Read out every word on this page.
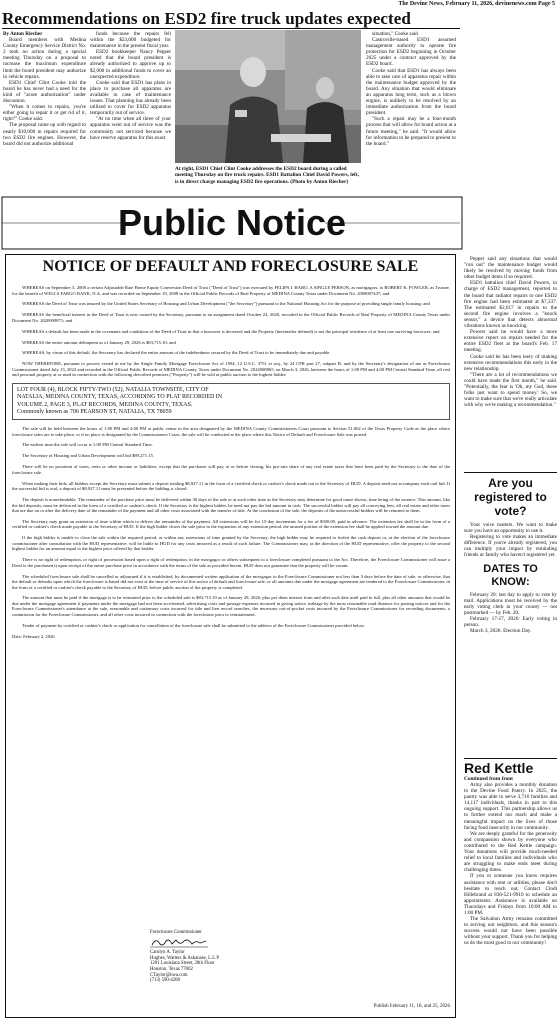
The Devine News, February 11, 2026, devinenews.com Page 5
Recommendations on ESD2 fire truck updates expected

By Anton Riecher

Board members with Medina County Emergency Service District No. 2 took no action during a special meeting Thursday on a proposal to increase the maximum expenditure limit the board president may authorize in vehicle repairs.

ESD1 Chief Clint Cooke told the board he has never had a need for the kind of "acute authorization" under discussion.

"When it comes to repairs, you're either going to repair it or get rid of it, right?" Cooke said.

The proposal came up with regard to nearly $10,000 in repairs required for two ESD2 fire engines. However, the board did not authorize additional

funds because the repairs fell within the $23,000 budgeted for maintenance in the present fiscal year.

ESD2 bookkeeper Nancy Pepper noted that the board president is already authorized to approve up to $2,000 in additional funds to cover an unexpected expenditure.

Cooke said that ESD1 has plans in place to purchase all apparatus are available in case of maintenance issues. That planning has already been utilized to cover for ESD2 apparatus temporarily out of service.

"At no time when all three of your apparatus went out of service was the community not serviced because we have reserve apparatus for this exact

At right, ESD1 Chief Clint Cooke addresses the ESD2 board during a called meeting Thursday on fire truck repairs. ESD1 Battalion Chief David Powers, left, is in direct charge managing ESD2 fire operations. (Photo by Anton Riecher)

situation," Cooke said.

Castroville-based ESD1 assumed management authority to operate fire protection for ESD2 beginning in October 2025 under a contract approved by the ESD2 board.

Cooke said that ESD1 has always been able to take care of apparatus repair within the maintenance budget approved by the board. Any situation that would eliminate an apparatus long term, such as a blown engine, is unlikely to be resolved by an immediate authorization from the board president.

"Such a repair may be a four-month process that will allow for board action at a future meeting," he said. "It would allow for information to be prepared to present to the board."

Public Notice
NOTICE OF DEFAULT AND FORECLOSURE SALE

WHEREAS on September 3, 2008 a certain Adjustable Rate Home Equity Conversion Deed of Trust ("Deed of Trust") was executed by FELIPA I. HARO, A SINGLE PERSON, as mortgagors, to ROBERT K. FOWLER, as Trustee, for the benefit of WELLS FARGO BANK, N.A. and was recorded on September 19, 2008 in the Official Public Records of Real Property of MEDINA County Texas under Document No. 2008007437; and

WHEREAS the Deed of Trust was insured by the United States Secretary of Housing and Urban Development ("the Secretary") pursuant to the National Housing Act for the purpose of providing single family housing; and

WHEREAS the beneficial interest in the Deed of Trust is now owned by the Secretary, pursuant to an assignment dated October 22, 2020, recorded in the Official Public Records of Real Property of MEDINA County Texas under Document No. 2020009871; and

WHEREAS a default has been made in the covenants and conditions of the Deed of Trust in that a borrower is deceased and the Property (hereinafter defined) is not the principal residence of at least one surviving borrower; and

WHEREAS the entire amount delinquent as of January 29, 2026 is $83,715.10; and

WHEREAS, by virtue of this default, the Secretary has declared the entire amount of the indebtedness secured by the Deed of Trust to be immediately due and payable.

NOW THEREFORE, pursuant to powers vested in me by the Single Family Mortgage Foreclosure Act of 1994, 12 U.S.C. 3751 et seq., by 24 CFR part 27, subpart B, and by the Secretary's designation of me as Foreclosure Commissioner dated July 13, 2022 and recorded in the Official Public Records of MEDINA County, Texas under Document No. 2024008865, on March 3, 2026, between the hours of 1:00 PM and 4:00 PM Central Standard Time, all real and personal property at or used in connection with the following described premises ("Property") will be sold at public auction to the highest bidder:

LOT FOUR (4), BLOCK FIFTY-TWO (52), NATALIA TOWNSITE, CITY OF
NATALIA, MEDINA COUNTY, TEXAS, ACCORDING TO PLAT RECORDED IN
VOLUME 2, PAGE 3, PLAT RECORDS, MEDINA COUNTY, TEXAS.
Commonly known as 706 PEARSON ST, NATALIA, TX 78059

The sale will be held between the hours of 1:00 PM and 4:00 PM at public venue in the area designated by the MEDINA County Commissioners Court pursuant to Section 51.002 of the Texas Property Code as the place where foreclosure sales are to take place, or if no place is designated by the Commissioners Court, the sale will be conducted at the place where this Notice of Default and Foreclosure Sale was posted.

The earliest time the sale will occur is 1:00 PM Central Standard Time.

The Secretary of Housing and Urban Development will bid $89,271.15.

There will be no proration of taxes, rents or other income or liabilities, except that the purchaser will pay, at or before closing, his pro-rata share of any real estate taxes that have been paid by the Secretary to the date of the foreclosure sale.

When making their bids, all bidders except the Secretary must submit a deposit totaling $8,927.11 in the form of a certified check or cashier's check made out to the Secretary of HUD. A deposit need not accompany each oral bid. If the successful bid is oral, a deposit of $8,927.11 must be presented before the bidding is closed.

The deposit is nonrefundable. The remainder of the purchase price must be delivered within 30 days of the sale or at such other time as the Secretary may determine for good cause shown, time being of the essence. This amount, like the bid deposits, must be delivered in the form of a certified or cashier's check. If the Secretary is the highest bidder, he need not pay the bid amount in cash. The successful bidder will pay all conveying fees, all real estate and other taxes that are due on or after the delivery date of the remainder of the payment and all other costs associated with the transfer of title. At the conclusion of the sale, the deposits of the unsuccessful bidders will be returned to them.

The Secretary may grant an extension of time within which to deliver the remainder of the payment. All extensions will be for 15-day increments for a fee of $500.00, paid in advance. The extension fee shall be in the form of a certified or cashier's check made payable to the Secretary of HUD. If the high bidder closes the sale prior to the expiration of any extension period, the unused portion of the extension fee shall be applied toward the amount due.

If the high bidder is unable to close the sale within the required period, or within any extensions of time granted by the Secretary, the high bidder may be required to forfeit the cash deposit or, at the election of the foreclosure commissioner after consultation with the HUD representative, will be liable to HUD for any costs incurred as a result of such failure. The Commissioner may, at the direction of the HUD representative, offer the property to the second highest bidder for an amount equal to the highest price offered by that bidder.

There is no right of redemption, or right of possession based upon a right of redemption, in the mortgagor or others subsequent to a foreclosure completed pursuant to the Act. Therefore, the Foreclosure Commissioner will issue a Deed to the purchaser(s) upon receipt of the entire purchase price in accordance with the terms of the sale as provided herein. HUD does not guarantee that the property will be vacant.

The scheduled foreclosure sale shall be cancelled or adjourned if it is established, by documented written application of the mortgagor to the Foreclosure Commissioner not less than 3 days before the date of sale, or otherwise, that the default or defaults upon which the foreclosure is based did not exist at the time of service of this notice of default and foreclosure sale, or all amounts due under the mortgage agreement are tendered to the Foreclosure Commissioner, in the form of a certified or cashier's check payable to the Secretary of HUD, before public auction of the property is completed.

The amount that must be paid if the mortgage is to be reinstated prior to the scheduled sale is $83,715.10 as of January 29, 2026, plus per diem interest from and after such date until paid in full, plus all other amounts that would be due under the mortgage agreement if payments under the mortgage had not been accelerated, advertising costs and postage expenses incurred in giving notice, mileage by the most reasonable road distance for posting notices and for the Foreclosure Commissioner's attendance at the sale, reasonable and customary costs incurred for title and lien record searches, the necessary out-of-pocket costs incurred by the Foreclosure Commissioner for recording documents, a commission for the Foreclosure Commissioner, and all other costs incurred in connection with the foreclosure prior to reinstatement.

Tender of payment by certified or cashier's check or application for cancellation of the foreclosure sale shall be submitted to the address of the Foreclosure Commissioner provided below.

Date: February 2, 2026

Foreclosure Commissioner
Carolyn A. Taylor
Hughes, Watters & Askanase, L.L.P
1201 Louisiana Street, 28th Floor
Houston, Texas 77002
CTaylor@hwa.com
(713) 590-4200
Publish February 11, 18, and 25, 2026

Pepper said any situations that would "run out" the maintenance budget would likely be resolved by moving funds from other budget items if so required.

ESD1 battalion chief David Powers, in charge of ESD2 management, reported to the board that radiator repairs to one ESD2 fire engine had been estimated at $7,337. The estimated $2,617 in repairs to the second fire engine involves a "knock sensor," a device that detects abnormal vibrations known as knocking.

Powers said he would have a more extensive report on repairs needed for the entire ESD2 fleet at the board's Feb. 17 meeting.

Cooke said he has been leery of making extensive recommendations this early in the new relationship.

"There are a lot of recommendations we could have made the first month," he said. "Potentially, the fear is 'Oh, my God, these folks just want to spend money.' So, we want to make sure that we're really articulate with why we're making a recommendation."

Are you registered to vote?

Your voice matters. We want to make sure you have an opportunity to use it.

Registering to vote makes an immediate difference. If you're already registered, you can multiply your impact by reminding friends or family who haven't registered yet.

DATES TO KNOW:

February 20: last day to apply to vote by mail. Applications must be received by the early voting clerk in your county — not postmarked — by Feb. 20.

February 17-27, 2026: Early voting in person.

March 3, 2026: Election Day.

Red Kettle
Continued from front

Army also provides a monthly donation to the Devine Food Pantry. In 2025, the pantry was able to serve 3,716 families and 14,117 individuals, thanks in part to this ongoing support. This partnership allows us to further extend our reach and make a meaningful impact on the lives of those facing food insecurity in our community.

We are deeply grateful for the generosity and compassion shown by everyone who contributed to the Red Kettle campaign. Your donations will provide much-needed relief to local families and individuals who are struggling to make ends meet during challenging times.

If you or someone you know requires assistance with rent or utilities, please don't hesitate to reach out. Contact Cindi Hillebrand at 830-521-9910 to schedule an appointment. Assistance is available on Thursdays and Fridays from 10:00 AM to 1:00 PM.

The Salvation Army remains committed to serving our neighbors, and this season's success would not have been possible without your support. Thank you for helping us do the most good in our community!
